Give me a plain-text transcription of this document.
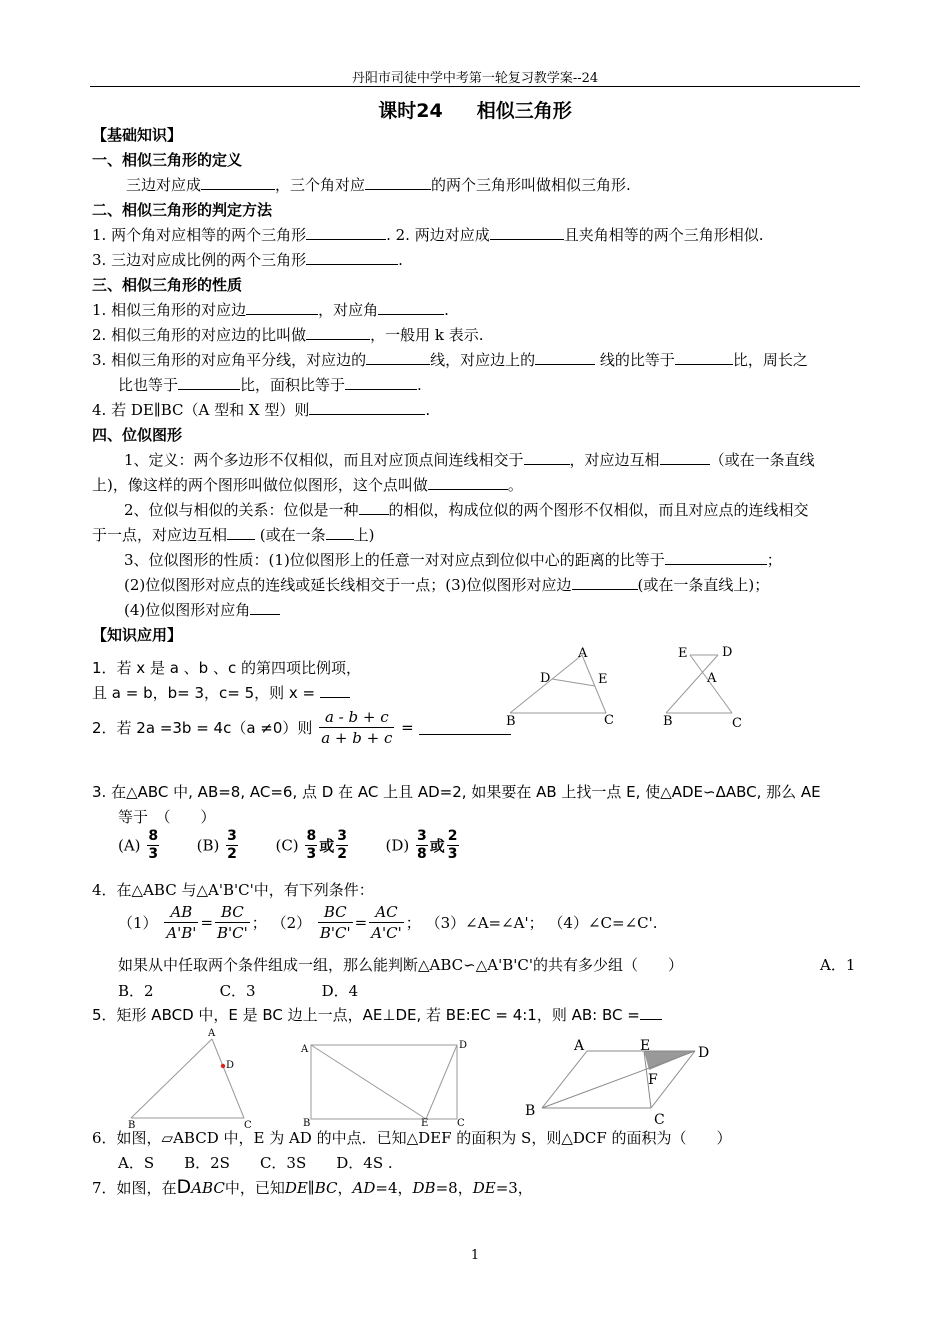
丹阳市司徒中学中考第一轮复习教学案--24
课时24 相似三角形
【基础知识】
一、相似三角形的定义
三边对应成	，三个角对应	的两个三角形叫做相似三角形.
二、相似三角形的判定方法
1. 两个角对应相等的两个三角形	. 2. 两边对应成	且夹角相等的两个三角形相似.
3. 三边对应成比例的两个三角形	.
三、相似三角形的性质
1. 相似三角形的对应边	，对应角	.
2. 相似三角形的对应边的比叫做	，一般用 k 表示.
3. 相似三角形的对应角平分线，对应边的	线，对应边上的	线的比等于	比，周长之
比也等于	比，面积比等于	.
4. 若 DE∥BC（A 型和 X 型）则	.
四、位似图形
1、定义：两个多边形不仅相似，而且对应顶点间连线相交于	，对应边互相	（或在一条直线
上)，像这样的两个图形叫做位似图形，这个点叫做	。
2、位似与相似的关系：位似是一种 的相似，构成位似的两个图形不仅相似，而且对应点的连线相交
于一点，对应边互相 (或在一条 上)
3、位似图形的性质：(1)位似图形上的任意一对对应点到位似中心的距离的比等于	；
(2)位似图形对应点的连线或延长线相交于一点；(3)位似图形对应边	(或在一条直线上)；
(4)位似图形对应角
【知识应用】
1．若 x 是 a 、b 、c 的第四项比例项，
且 a = b，b= 3，c= 5，则 x =
2．若 2a =3b = 4c（a ≠0）则 $\frac{a - b + c}{a + b + c}$ =
A
D	E
B	C
E	D
A
B	C
3. 在△ABC 中, AB=8, AC=6, 点 D 在 AC 上且 AD=2, 如果要在 AB 上找一点 E, 使△ADE∽ΔABC, 那么 AE
等于　（　　）
$(A) \frac{8}{3}$	$(B) \frac{3}{2}$	$(C) \frac{8}{3}$ 或 $\frac{3}{2}$	$(D) \frac{3}{8}$ 或 $\frac{2}{3}$
4．在△ABC 与△A'B'C'中，有下列条件：
$(1) \frac{AB}{A'B'} = \frac{BC}{B'C'}$ ； $(2) \frac{BC}{B'C'} = \frac{AC}{A'C'}$ ； （3）∠A=∠A'； （4）∠C=∠C'.
如果从中任取两个条件组成一组，那么能判断△ABC∽△A'B'C'的共有多少组（　　）	A．1
B．2	C．3	D．4
5．矩形 ABCD 中，E 是 BC 边上一点，AE⊥DE, 若 BE:EC = 4:1，则 AB: BC =
A
D
B	C
A	D
B	E	C
A	E	D
F
B
C
6．如图，▱ABCD 中，E 为 AD 的中点．已知△DEF 的面积为 S，则△DCF 的面积为（　　）
A．S　　B．2S　　C．3S　　D．4S .
7．如图，在DABC中，已知DE∥BC，AD=4，DB=8，DE=3，
1
